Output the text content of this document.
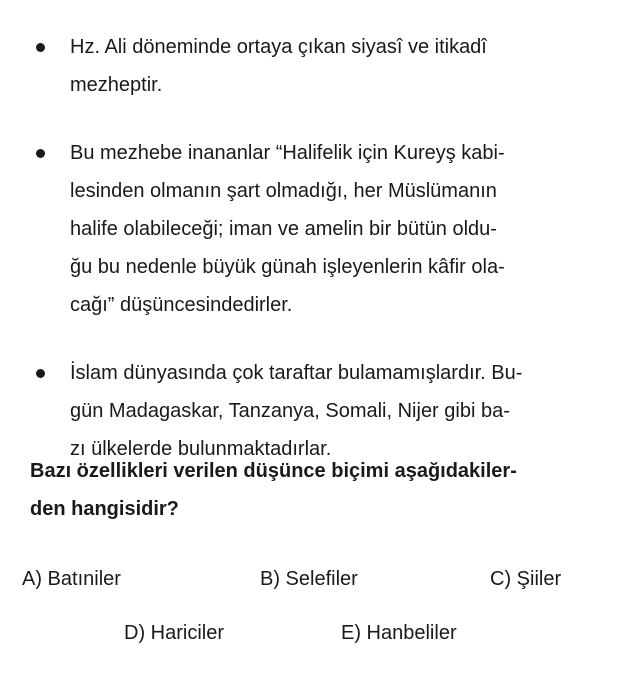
Hz. Ali döneminde ortaya çıkan siyasî ve itikadî
mezheptir.
Bu mezhebe inananlar “Halifelik için Kureyş kabi-
lesinden olmanın şart olmadığı, her Müslümanın
halife olabileceği; iman ve amelin bir bütün oldu-
ğu bu nedenle büyük günah işleyenlerin kâfir ola-
cağı” düşüncesindedirler.
İslam dünyasında çok taraftar bulamamışlardır. Bu-
gün Madagaskar, Tanzanya, Somali, Nijer gibi ba-
zı ülkelerde bulunmaktadırlar.
Bazı özellikleri verilen düşünce biçimi aşağıdakiler-
den hangisidir?
A) Batıniler	B) Selefiler	C) Şiiler
D) Hariciler	E) Hanbeliler
